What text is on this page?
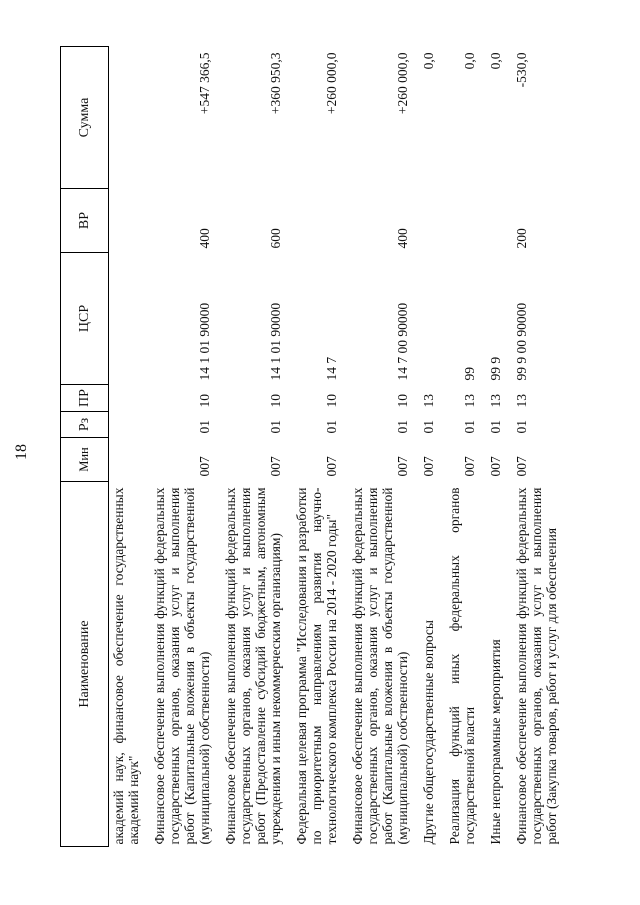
18
Наименование	Мин	Рз	ПР	ЦСР	ВР	Сумма
академий наук, финансовое обеспечение государственных академий наук"						
Финансовое обеспечение выполнения функций федеральных государственных органов, оказания услуг и выполнения работ (Капитальные вложения в объекты государственной (муниципальной) собственности)	007	01	10	14 1 01 90000	400	+547 366,5
Финансовое обеспечение выполнения функций федеральных государственных органов, оказания услуг и выполнения работ (Предоставление субсидий бюджетным, автономным учреждениям и иным некоммерческим организациям)	007	01	10	14 1 01 90000	600	+360 950,3
Федеральная целевая программа "Исследования и разработки по приоритетным направлениям развития научно-технологического комплекса России на 2014 - 2020 годы"	007	01	10	14 7		+260 000,0
Финансовое обеспечение выполнения функций федеральных государственных органов, оказания услуг и выполнения работ (Капитальные вложения в объекты государственной (муниципальной) собственности)	007	01	10	14 7 00 90000	400	+260 000,0
Другие общегосударственные вопросы	007	01	13			0,0
Реализация функций иных федеральных органов государственной власти	007	01	13	99		0,0
Иные непрограммные мероприятия	007	01	13	99 9		0,0
Финансовое обеспечение выполнения функций федеральных государственных органов, оказания услуг и выполнения работ (Закупка товаров, работ и услуг для обеспечения	007	01	13	99 9 00 90000	200	-530,0
